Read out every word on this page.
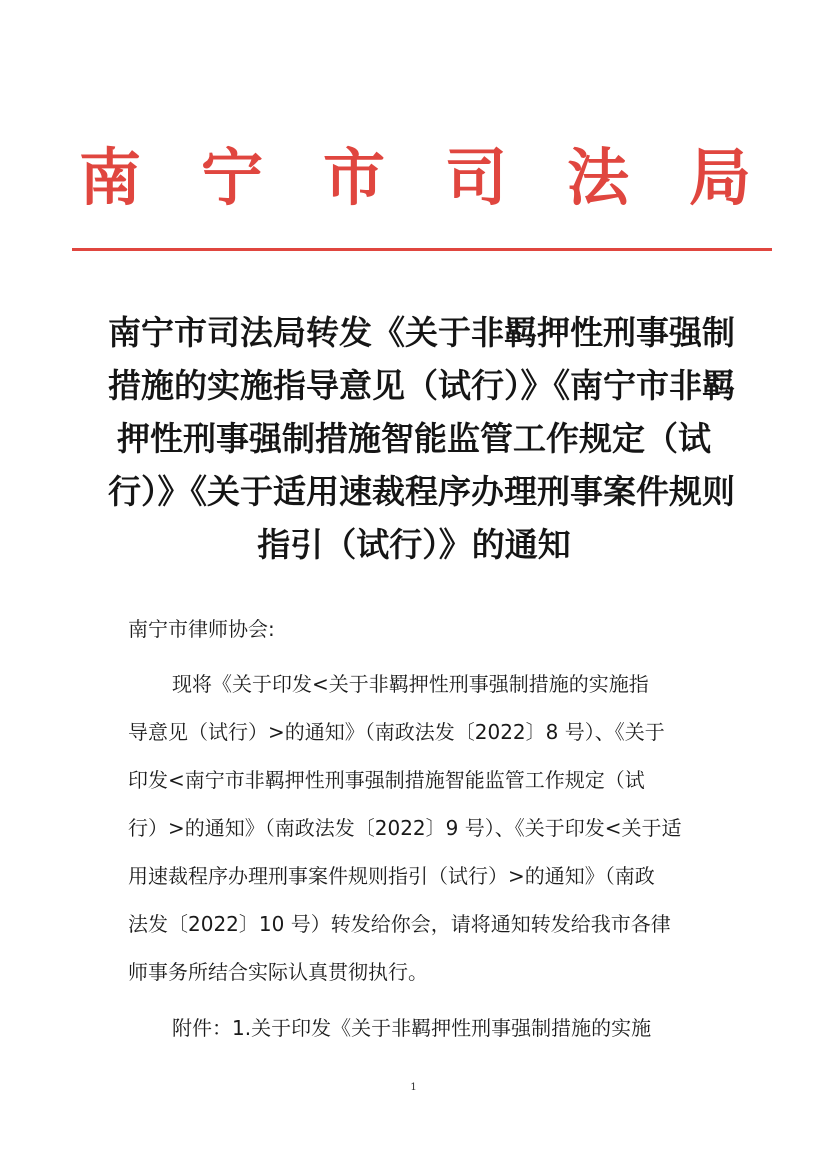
南 宁 市 司 法 局
南宁市司法局转发《关于非羁押性刑事强制
措施的实施指导意见（试行）》《南宁市非羁
押性刑事强制措施智能监管工作规定（试
行）》《关于适用速裁程序办理刑事案件规则
指引（试行）》的通知
南宁市律师协会:
现将《关于印发<关于非羁押性刑事强制措施的实施指
导意见（试行）>的通知》（南政法发〔2022〕8 号）、《关于
印发<南宁市非羁押性刑事强制措施智能监管工作规定（试
行）>的通知》（南政法发〔2022〕9 号）、《关于印发<关于适
用速裁程序办理刑事案件规则指引（试行）>的通知》（南政
法发〔2022〕10 号）转发给你会，请将通知转发给我市各律
师事务所结合实际认真贯彻执行。
附件：1.关于印发《关于非羁押性刑事强制措施的实施
1
